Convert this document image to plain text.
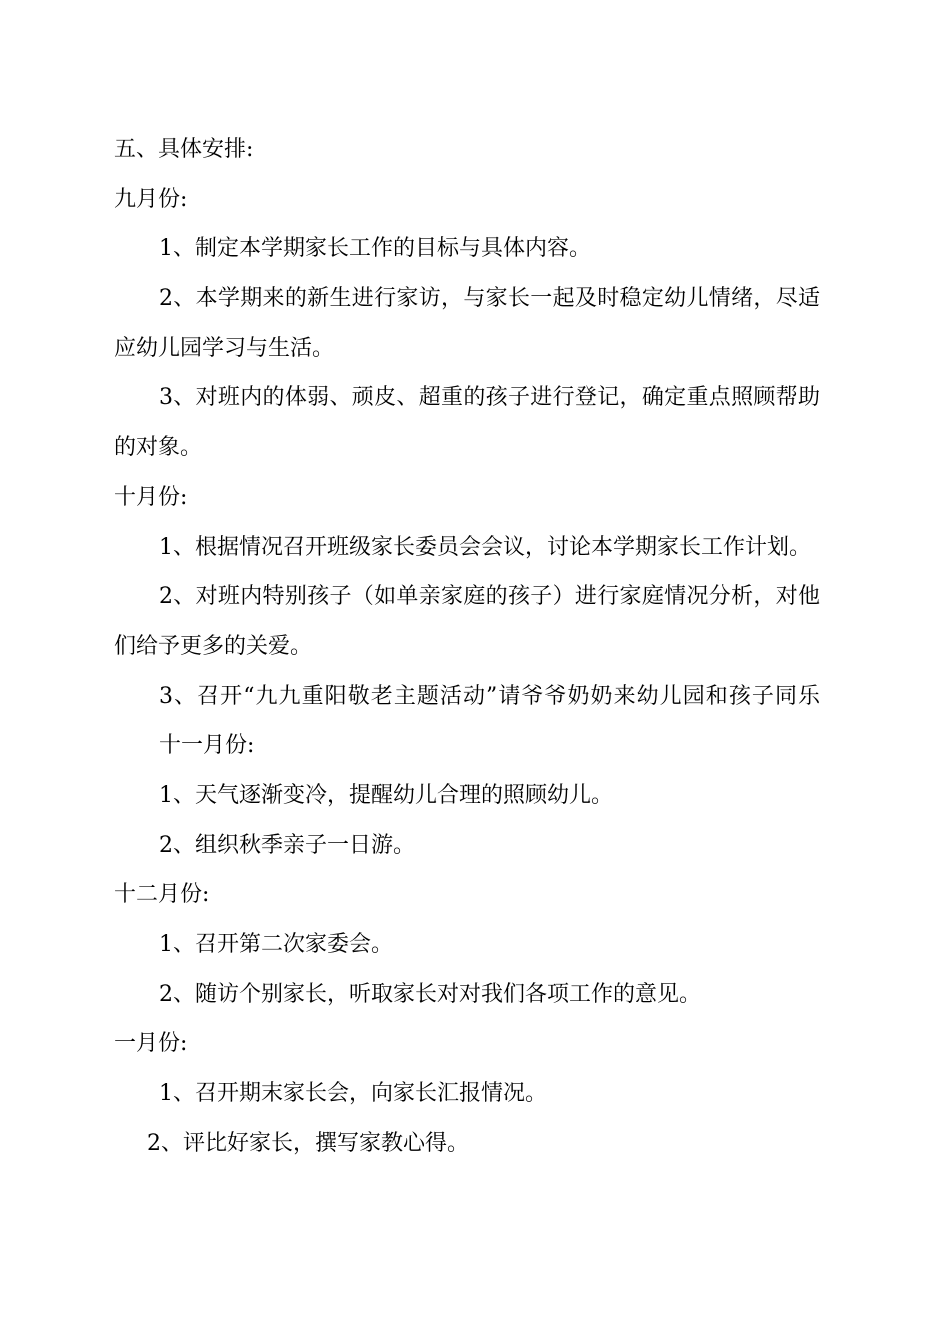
五、具体安排:
九月份:
1、制定本学期家长工作的目标与具体内容。
2、本学期来的新生进行家访，与家长一起及时稳定幼儿情绪，尽适
应幼儿园学习与生活。
3、对班内的体弱、顽皮、超重的孩子进行登记，确定重点照顾帮助
的对象。
十月份:
1、根据情况召开班级家长委员会会议，讨论本学期家长工作计划。
2、对班内特别孩子（如单亲家庭的孩子）进行家庭情况分析，对他
们给予更多的关爱。
3、召开“九九重阳敬老主题活动”请爷爷奶奶来幼儿园和孩子同乐
十一月份:
1、天气逐渐变冷，提醒幼儿合理的照顾幼儿。
2、组织秋季亲子一日游。
十二月份:
1、召开第二次家委会。
2、随访个别家长，听取家长对对我们各项工作的意见。
一月份:
1、召开期末家长会，向家长汇报情况。
2、评比好家长，撰写家教心得。
